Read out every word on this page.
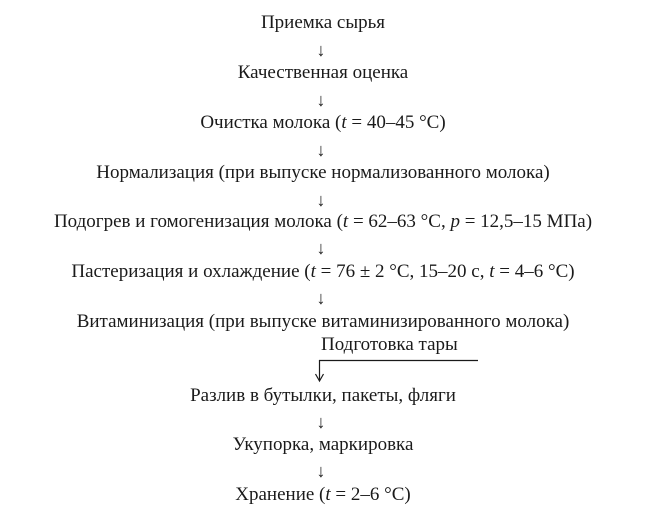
Приемка сырья
↓
Качественная оценка
↓
Очистка молока (t = 40–45 °С)
↓
Нормализация (при выпуске нормализованного молока)
↓
Подогрев и гомогенизация молока (t = 62–63 °С, p = 12,5–15 МПа)
↓
Пастеризация и охлаждение (t = 76 ± 2 °С, 15–20 с, t = 4–6 °С)
↓
Витаминизация (при выпуске витаминизированного молока)
Подготовка тары
Разлив в бутылки, пакеты, фляги
↓
Укупорка, маркировка
↓
Хранение (t = 2–6 °С)
